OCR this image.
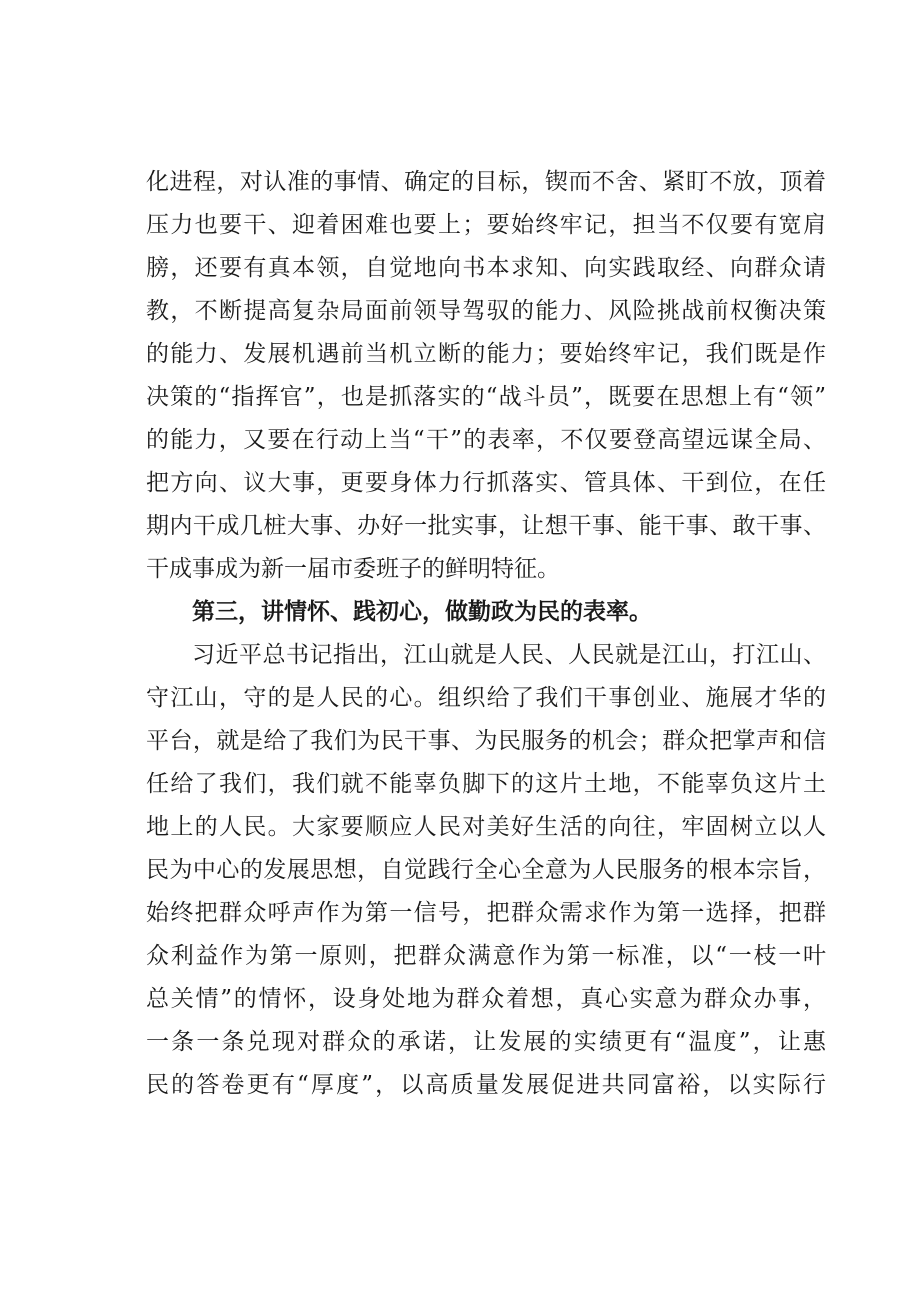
化进程，对认准的事情、确定的目标，锲而不舍、紧盯不放，顶着
压力也要干、迎着困难也要上；要始终牢记，担当不仅要有宽肩
膀，还要有真本领，自觉地向书本求知、向实践取经、向群众请
教，不断提高复杂局面前领导驾驭的能力、风险挑战前权衡决策
的能力、发展机遇前当机立断的能力；要始终牢记，我们既是作
决策的“指挥官”，也是抓落实的“战斗员”，既要在思想上有“领”
的能力，又要在行动上当“干”的表率，不仅要登高望远谋全局、
把方向、议大事，更要身体力行抓落实、管具体、干到位，在任
期内干成几桩大事、办好一批实事，让想干事、能干事、敢干事、
干成事成为新一届市委班子的鲜明特征。
第三，讲情怀、践初心，做勤政为民的表率。
习近平总书记指出，江山就是人民、人民就是江山，打江山、
守江山，守的是人民的心。组织给了我们干事创业、施展才华的
平台，就是给了我们为民干事、为民服务的机会；群众把掌声和信
任给了我们，我们就不能辜负脚下的这片土地，不能辜负这片土
地上的人民。大家要顺应人民对美好生活的向往，牢固树立以人
民为中心的发展思想，自觉践行全心全意为人民服务的根本宗旨，
始终把群众呼声作为第一信号，把群众需求作为第一选择，把群
众利益作为第一原则，把群众满意作为第一标准，以“一枝一叶
总关情”的情怀，设身处地为群众着想，真心实意为群众办事，
一条一条兑现对群众的承诺，让发展的实绩更有“温度”，让惠
民的答卷更有“厚度”，以高质量发展促进共同富裕，以实际行
